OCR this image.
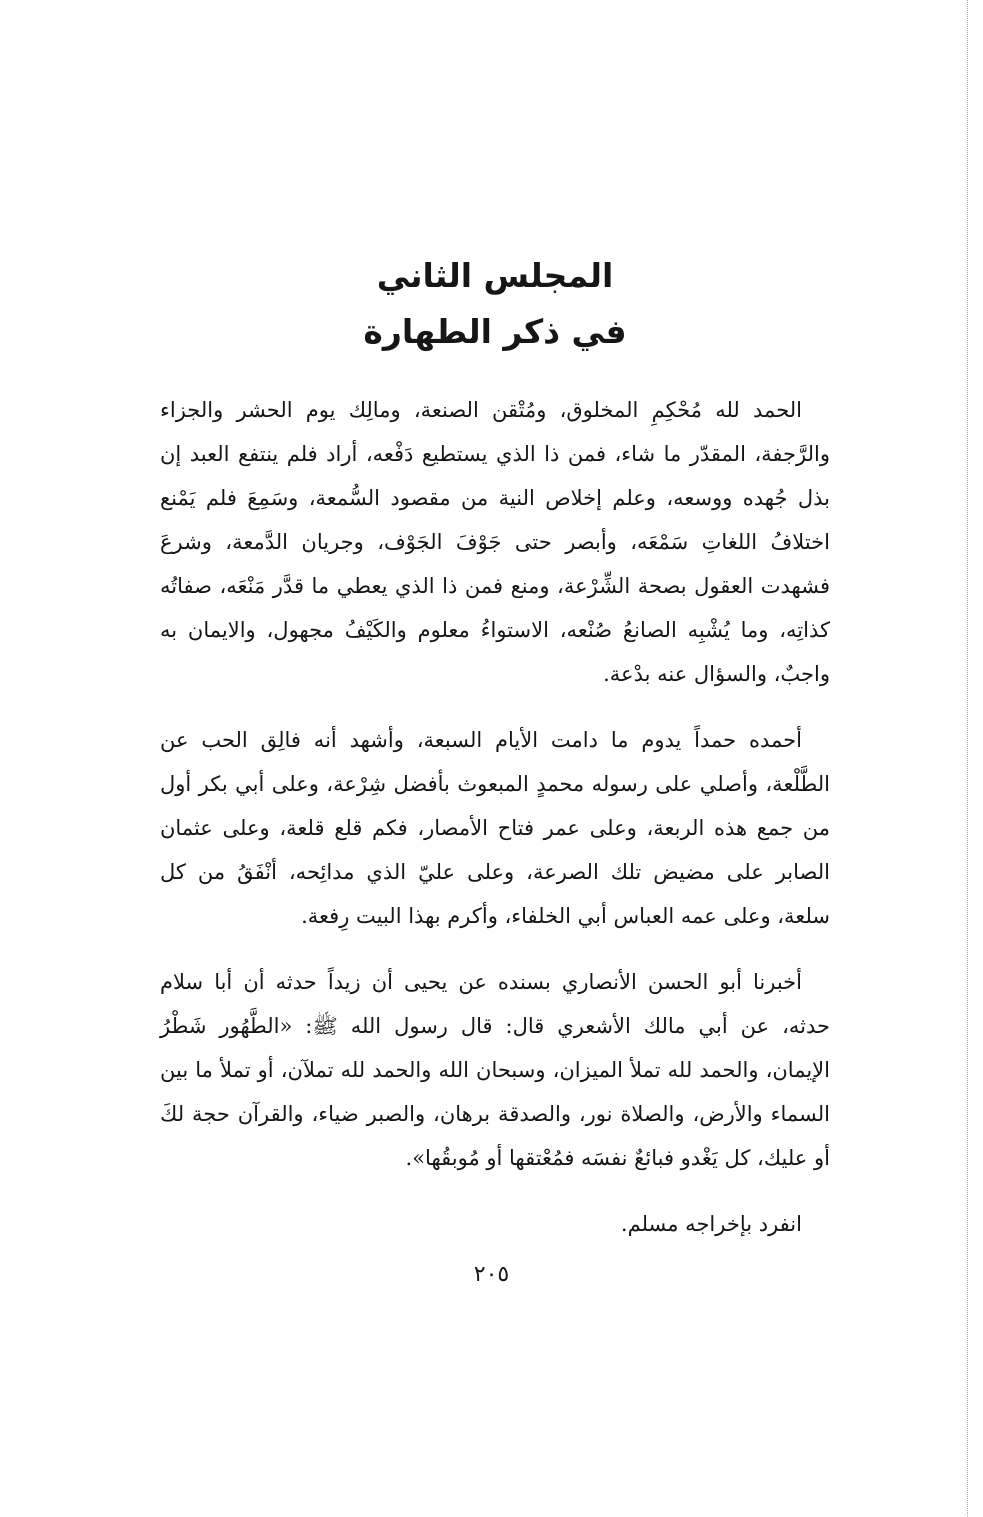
المجلس الثاني
في ذكر الطهارة

الحمد لله مُحْكِمِ المخلوق، ومُتْقن الصنعة، ومالِك يوم الحشر والجزاء والرَّجفة، المقدّر ما شاء، فمن ذا الذي يستطيع دَفْعه، أراد فلم ينتفع العبد إن بذل جُهده ووسعه، وعلم إخلاص النية من مقصود السُّمعة، وسَمِعَ فلم يَمْنع اختلافُ اللغاتِ سَمْعَه، وأبصر حتى جَوْفَ الجَوْف، وجريان الدَّمعة، وشرعَ فشهدت العقول بصحة الشِّرْعة، ومنع فمن ذا الذي يعطي ما قدَّر مَنْعَه، صفاتُه كذاتِه، وما يُشْبِه الصانعُ صُنْعه، الاستواءُ معلوم والكَيْفُ مجهول، والايمان به واجبٌ، والسؤال عنه بدْعة.

أحمده حمداً يدوم ما دامت الأيام السبعة، وأشهد أنه فالِق الحب عن الطَّلْعة، وأصلي على رسوله محمدٍ المبعوث بأفضل شِرْعة، وعلى أبي بكر أول من جمع هذه الربعة، وعلى عمر فتاح الأمصار، فكم قلع قلعة، وعلى عثمان الصابر على مضيض تلك الصرعة، وعلى عليّ الذي مدائِحه، أنْفَقُ من كل سلعة، وعلى عمه العباس أبي الخلفاء، وأكرم بهذا البيت رِفعة.

أخبرنا أبو الحسن الأنصاري بسنده عن يحيى أن زيداً حدثه أن أبا سلام حدثه، عن أبي مالك الأشعري قال: قال رسول الله ﷺ: «الطَّهُور شَطْرُ الإيمان، والحمد لله تملأ الميزان، وسبحان الله والحمد لله تملآن، أو تملأ ما بين السماء والأرض، والصلاة نور، والصدقة برهان، والصبر ضياء، والقرآن حجة لكَ أو عليك، كل يَغْدو فبائعٌ نفسَه فمُعْتقها أو مُوبقُها».

انفرد بإخراجه مسلم.

٢٠٥
